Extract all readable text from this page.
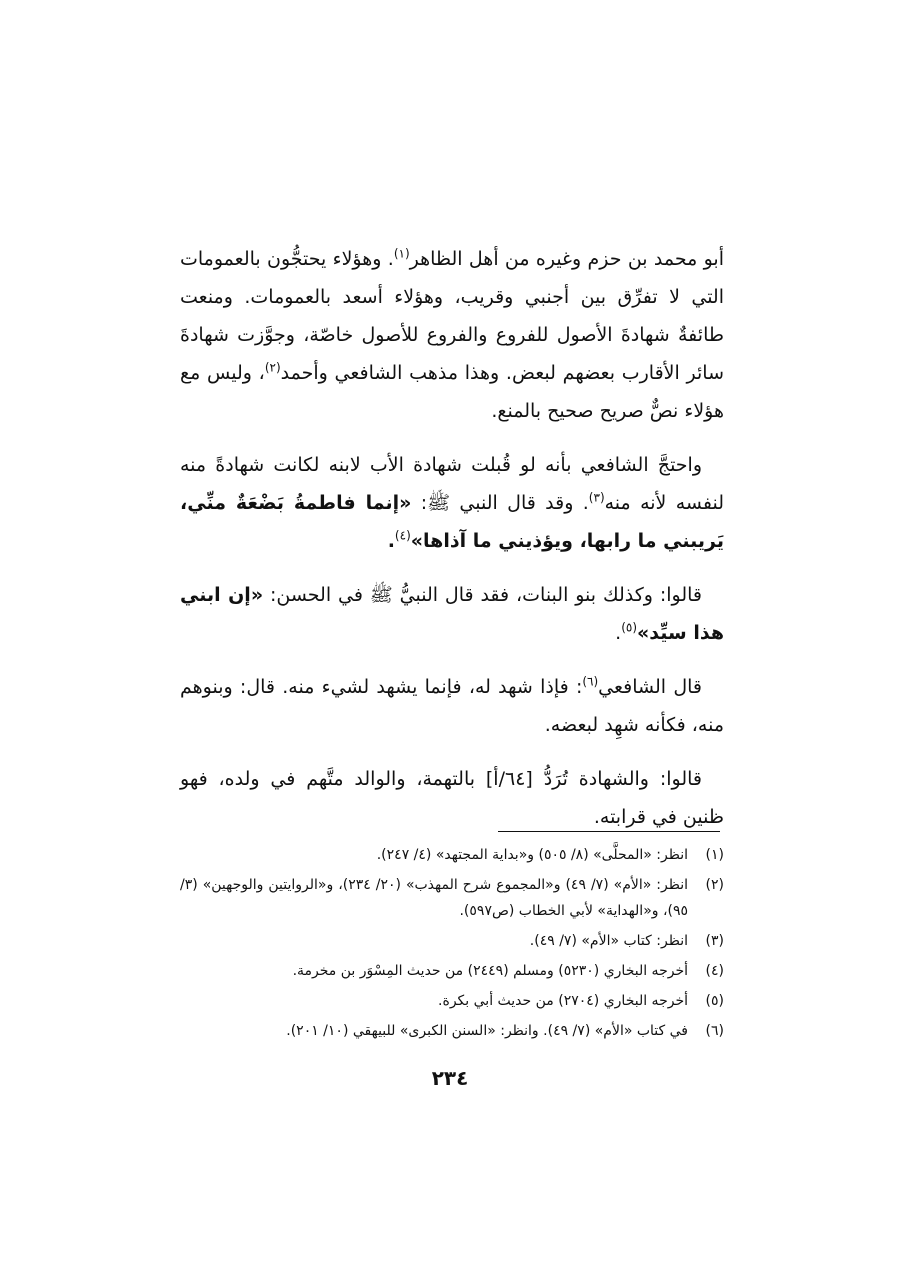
أبو محمد بن حزم وغيره من أهل الظاهر$^{(١)}$. وهؤلاء يحتجُّون بالعمومات التي لا تفرِّق بين أجنبي وقريب، وهؤلاء أسعد بالعمومات. ومنعت طائفةٌ شهادةَ الأصول للفروع والفروع للأصول خاصّة، وجوَّزت شهادةَ سائر الأقارب بعضهم لبعض. وهذا مذهب الشافعي وأحمد$^{(٢)}$، وليس مع هؤلاء نصٌّ صريح صحيح بالمنع.

واحتجَّ الشافعي بأنه لو قُبلت شهادة الأب لابنه لكانت شهادةً منه لنفسه لأنه منه$^{(٣)}$. وقد قال النبي ﷺ: «إنما فاطمةُ بَضْعَةٌ منِّي، يَريبني ما رابها، ويؤذيني ما آذاها»$^{(٤)}$.

قالوا: وكذلك بنو البنات، فقد قال النبيُّ ﷺ في الحسن: «إن ابني هذا سيِّد»$^{(٥)}$.

قال الشافعي$^{(٦)}$: فإذا شهد له، فإنما يشهد لشيء منه. قال: وبنوهم منه، فكأنه شهِد لبعضه.

قالوا: والشهادة تُرَدُّ [٦٤/أ] بالتهمة، والوالد متَّهم في ولده، فهو ظنين في قرابته.

(١)
انظر: «المحلَّى» (٨/ ٥٠٥) و«بداية المجتهد» (٤/ ٢٤٧).
(٢)
انظر: «الأم» (٧/ ٤٩) و«المجموع شرح المهذب» (٢٠/ ٢٣٤)، و«الروايتين والوجهين» (٣/ ٩٥)، و«الهداية» لأبي الخطاب (ص٥٩٧).
(٣)
انظر: كتاب «الأم» (٧/ ٤٩).
(٤)
أخرجه البخاري (٥٢٣٠) ومسلم (٢٤٤٩) من حديث المِسْوَر بن مخرمة.
(٥)
أخرجه البخاري (٢٧٠٤) من حديث أبي بكرة.
(٦)
في كتاب «الأم» (٧/ ٤٩). وانظر: «السنن الكبرى» للبيهقي (١٠/ ٢٠١).
٢٣٤
